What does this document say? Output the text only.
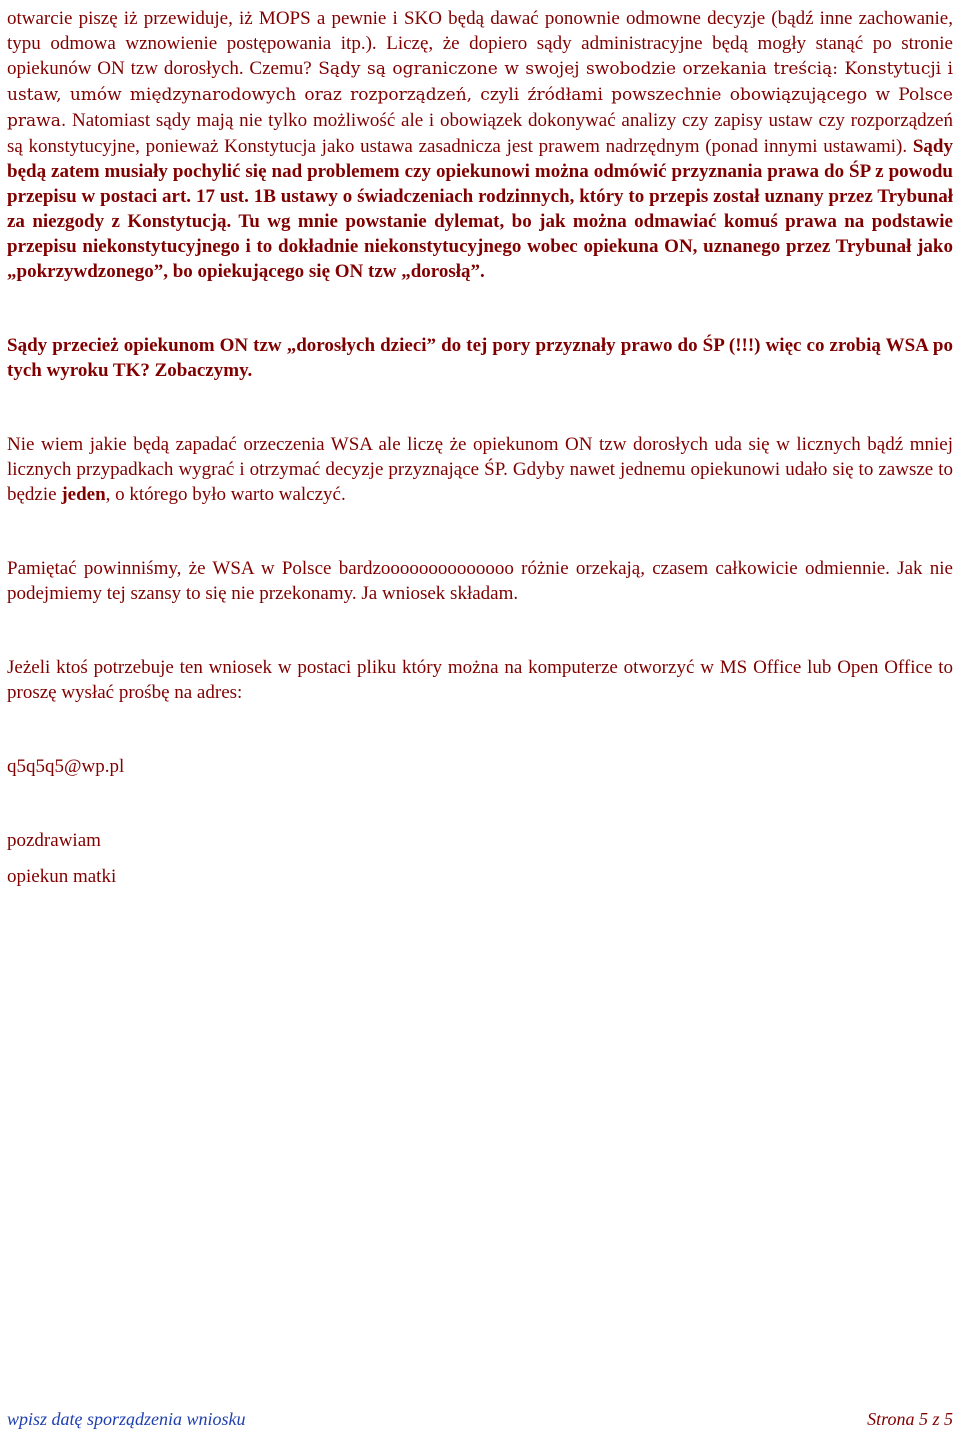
otwarcie piszę iż przewiduje, iż MOPS a pewnie i SKO będą dawać ponownie odmowne decyzje (bądź inne zachowanie, typu odmowa wznowienie postępowania itp.). Liczę, że dopiero sądy administracyjne będą mogły stanąć po stronie opiekunów ON tzw dorosłych. Czemu? Sądy są ograniczone w swojej swobodzie orzekania treścią: Konstytucji i ustaw, umów międzynarodowych oraz rozporządzeń, czyli źródłami powszechnie obowiązującego w Polsce prawa. Natomiast sądy mają nie tylko możliwość ale i obowiązek dokonywać analizy czy zapisy ustaw czy rozporządzeń są konstytucyjne, ponieważ Konstytucja jako ustawa zasadnicza jest prawem nadrzędnym (ponad innymi ustawami). Sądy będą zatem musiały pochylić się nad problemem czy opiekunowi można odmówić przyznania prawa do ŚP z powodu przepisu w postaci art. 17 ust. 1B ustawy o świadczeniach rodzinnych, który to przepis został uznany przez Trybunał za niezgody z Konstytucją. Tu wg mnie powstanie dylemat, bo jak można odmawiać komuś prawa na podstawie przepisu niekonstytucyjnego i to dokładnie niekonstytucyjnego wobec opiekuna ON, uznanego przez Trybunał jako „pokrzywdzonego”, bo opiekującego się ON tzw „dorosłą”.

Sądy przecież opiekunom ON tzw „dorosłych dzieci” do tej pory przyznały prawo do ŚP (!!!) więc co zrobią WSA po tych wyroku TK? Zobaczymy.

Nie wiem jakie będą zapadać orzeczenia WSA ale liczę że opiekunom ON tzw dorosłych uda się w licznych bądź mniej licznych przypadkach wygrać i otrzymać decyzje przyznające ŚP. Gdyby nawet jednemu opiekunowi udało się to zawsze to będzie jeden, o którego było warto walczyć.

Pamiętać powinniśmy, że WSA w Polsce bardzoooooooooooooo różnie orzekają, czasem całkowicie odmiennie. Jak nie podejmiemy tej szansy to się nie przekonamy. Ja wniosek składam.

Jeżeli ktoś potrzebuje ten wniosek w postaci pliku który można na komputerze otworzyć w MS Office lub Open Office to proszę wysłać prośbę na adres:

q5q5q5@wp.pl

pozdrawiam

opiekun matki

wpisz datę sporządzenia wniosku	Strona 5 z 5
